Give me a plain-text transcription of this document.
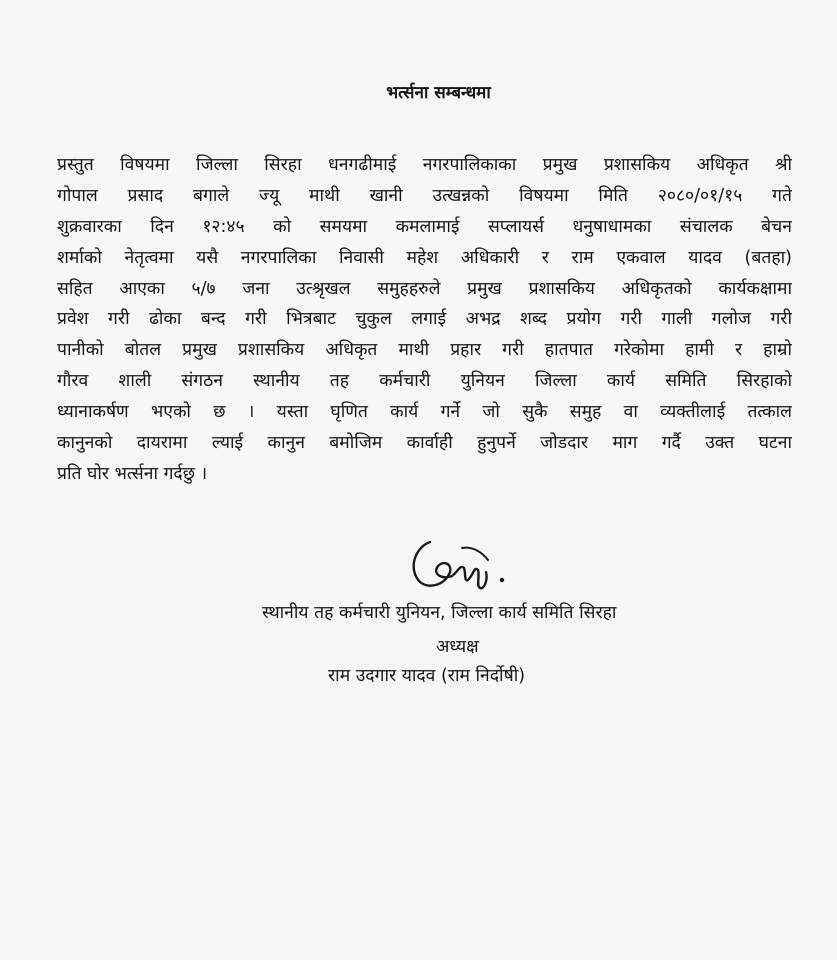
भर्त्सना सम्बन्धमा
प्रस्तुत विषयमा जिल्ला सिरहा धनगढीमाई नगरपालिकाका प्रमुख प्रशासकिय अधिकृत श्री
गोपाल प्रसाद बगाले ज्यू माथी खानी उत्खन्नको विषयमा मिति २०८०/०१/१५ गते
शुक्रवारका दिन १२:४५ को समयमा कमलामाई सप्लायर्स धनुषाधामका संचालक बेचन
शर्माको नेतृत्वमा यसै नगरपालिका निवासी महेश अधिकारी र राम एकवाल यादव (बतहा)
सहित आएका ५/७ जना उत्श्रृखल समुहहरुले प्रमुख प्रशासकिय अधिकृतको कार्यकक्षामा
प्रवेश गरी ढोका बन्द गरी भित्रबाट चुकुल लगाई अभद्र शब्द प्रयोग गरी गाली गलोज गरी
पानीको बोतल प्रमुख प्रशासकिय अधिकृत माथी प्रहार गरी हातपात गरेकोमा हामी र हाम्रो
गौरव शाली संगठन स्थानीय तह कर्मचारी युनियन जिल्ला कार्य समिति सिरहाको
ध्यानाकर्षण भएको छ । यस्ता घृणित कार्य गर्ने जो सुकै समुह वा व्यक्तीलाई तत्काल
कानुनको दायरामा ल्याई कानुन बमोजिम कार्वाही हुनुपर्ने जोडदार माग गर्दै उक्त घटना
प्रति घोर भर्त्सना गर्दछु ।
स्थानीय तह कर्मचारी युनियन, जिल्ला कार्य समिति सिरहा
अध्यक्ष
राम उदगार यादव (राम निर्दोषी)
